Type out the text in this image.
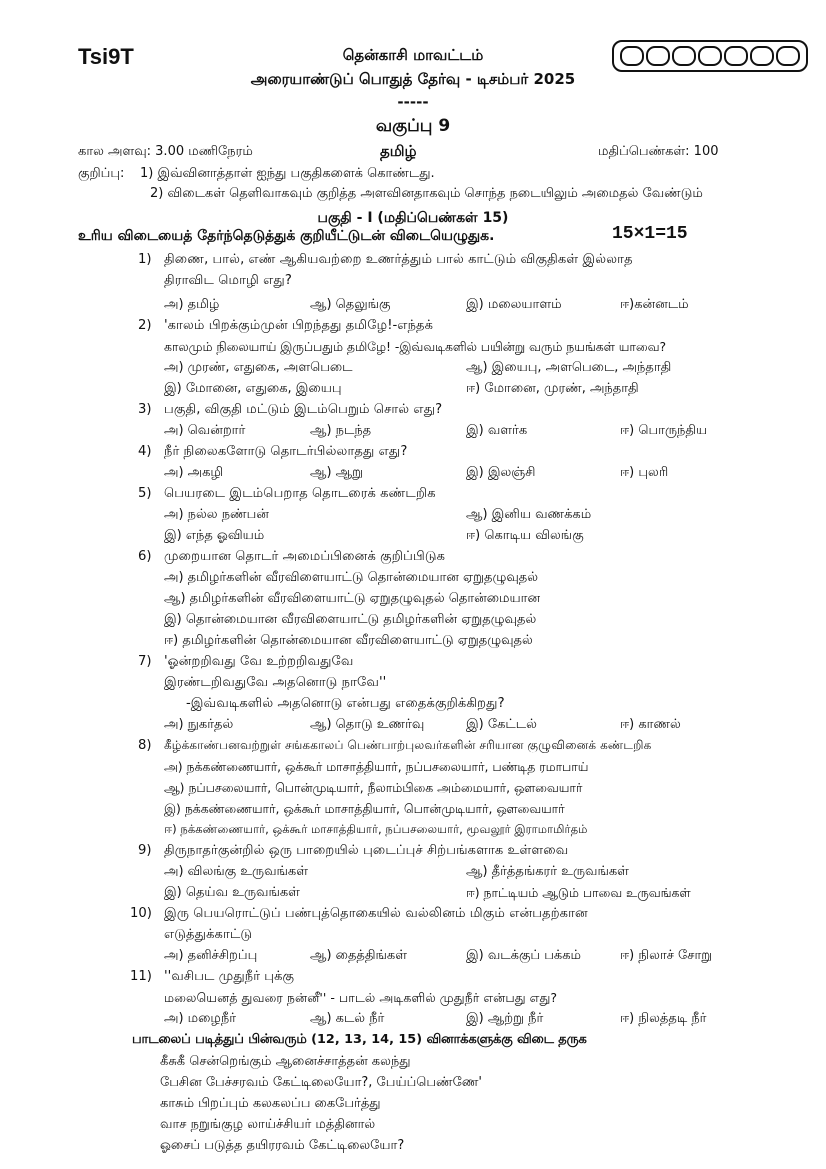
Tsi9T	தென்காசி மாவட்டம்
அரையாண்டுப் பொதுத் தேர்வு - டிசம்பர் 2025
-----
வகுப்பு 9
கால அளவு: 3.00 மணிநேரம்	தமிழ்	மதிப்பெண்கள்: 100
குறிப்பு: 1) இவ்வினாத்தாள் ஐந்து பகுதிகளைக் கொண்டது.
2) விடைகள் தெளிவாகவும் குறித்த அளவினதாகவும் சொந்த நடையிலும் அமைதல் வேண்டும்
பகுதி - I (மதிப்பெண்கள் 15)
உரிய விடையைத் தேர்ந்தெடுத்துக் குறியீட்டுடன் விடையெழுதுக.	15×1=15
1) திணை, பால், எண் ஆகியவற்றை உணர்த்தும் பால் காட்டும் விகுதிகள் இல்லாத
திராவிட மொழி எது?
அ) தமிழ்	ஆ) தெலுங்கு	இ) மலையாளம்	ஈ)கன்னடம்
2) 'காலம் பிறக்கும்முன் பிறந்தது தமிழே!-எந்தக்
காலமும் நிலையாய் இருப்பதும் தமிழே! -இவ்வடிகளில் பயின்று வரும் நயங்கள் யாவை?
அ) முரண், எதுகை, அளபெடை	ஆ) இயைபு, அளபெடை, அந்தாதி
இ) மோனை, எதுகை, இயைபு	ஈ) மோனை, முரண், அந்தாதி
3) பகுதி, விகுதி மட்டும் இடம்பெறும் சொல் எது?
அ) வென்றார்	ஆ) நடந்த	இ) வளர்க	ஈ) பொருந்திய
4) நீர் நிலைகளோடு தொடர்பில்லாதது எது?
அ) அகழி	ஆ) ஆறு	இ) இலஞ்சி	ஈ) புலரி
5) பெயரடை இடம்பெறாத தொடரைக் கண்டறிக
அ) நல்ல நண்பன்	ஆ) இனிய வணக்கம்
இ) எந்த ஓவியம்	ஈ) கொடிய விலங்கு
6) முறையான தொடர் அமைப்பினைக் குறிப்பிடுக
அ) தமிழர்களின் வீரவிளையாட்டு தொன்மையான ஏறுதழுவுதல்
ஆ) தமிழர்களின் வீரவிளையாட்டு ஏறுதழுவுதல் தொன்மையான
இ) தொன்மையான வீரவிளையாட்டு தமிழர்களின் ஏறுதழுவுதல்
ஈ) தமிழர்களின் தொன்மையான வீரவிளையாட்டு ஏறுதழுவுதல்
7) 'ஓன்றறிவது வே உற்றறிவதுவே
இரண்டறிவதுவே அதனொடு நாவே''
-இவ்வடிகளில் அதனொடு என்பது எதைக்குறிக்கிறது?
அ) நுகர்தல்	ஆ) தொடு உணர்வு	இ) கேட்டல்	ஈ) காணல்
8) கீழ்க்காண்பனவற்றுள் சங்ககாலப் பெண்பாற்புலவர்களின் சரியான குழுவினைக் கண்டறிக
அ) நக்கண்ணையார், ஒக்கூர் மாசாத்தியார், நப்பசலையார், பண்டித ரமாபாய்
ஆ) நப்பசலையார், பொன்முடியார், நீலாம்பிகை அம்மையார், ஔவையார்
இ) நக்கண்ணையார், ஒக்கூர் மாசாத்தியார், பொன்முடியார், ஔவையார்
ஈ) நக்கண்ணையார், ஒக்கூர் மாசாத்தியார், நப்பசலையார், மூவலூர் இராமாமிர்தம்
9) திருநாதர்குன்றில் ஒரு பாறையில் புடைப்புச் சிற்பங்களாக உள்ளவை
அ) விலங்கு உருவங்கள்	ஆ) தீர்த்தங்கரர் உருவங்கள்
இ) தெய்வ உருவங்கள்	ஈ) நாட்டியம் ஆடும் பாவை உருவங்கள்
10) இரு பெயரொட்டுப் பண்புத்தொகையில் வல்லினம் மிகும் என்பதற்கான
எடுத்துக்காட்டு
அ) தனிச்சிறப்பு	ஆ) தைத்திங்கள்	இ) வடக்குப் பக்கம்	ஈ) நிலாச் சோறு
11) ''வசிபட முதுநீர் புக்கு
மலையெனத் துவரை நன்னீ'' - பாடல் அடிகளில் முதுநீர் என்பது எது?
அ) மழைநீர்	ஆ) கடல் நீர்	இ) ஆற்று நீர்	ஈ) நிலத்தடி நீர்
பாடலைப் படித்துப் பின்வரும் (12, 13, 14, 15) வினாக்களுக்கு விடை தருக
கீசுகீ சென்றெங்கும் ஆனைச்சாத்தன் கலந்து
பேசின பேச்சரவம் கேட்டிலையோ?, பேய்ப்பெண்ணே'
காசும் பிறப்பும் கலகலப்ப கைபேர்த்து
வாச நறுங்குழ லாய்ச்சியர் மத்தினால்
ஓசைப் படுத்த தயிரரவம் கேட்டிலையோ?
